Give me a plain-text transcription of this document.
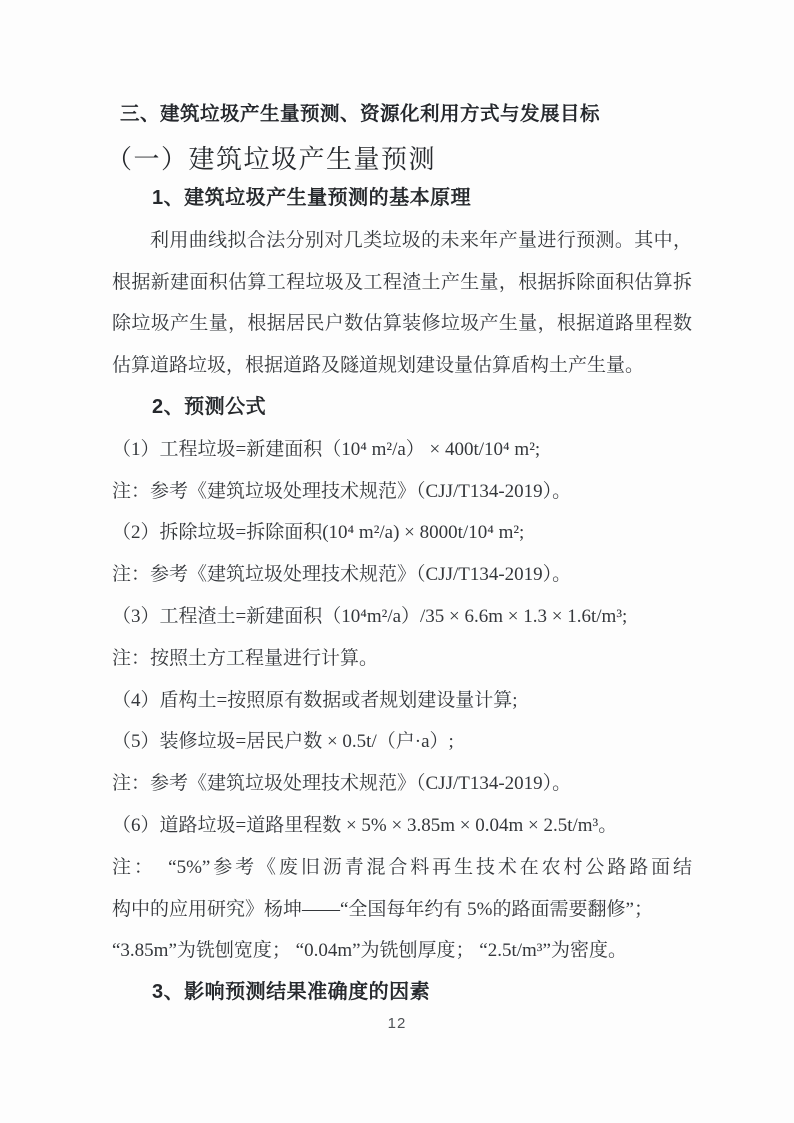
三、建筑垃圾产生量预测、资源化利用方式与发展目标
（一）建筑垃圾产生量预测
1、建筑垃圾产生量预测的基本原理
利用曲线拟合法分别对几类垃圾的未来年产量进行预测。其中，
根据新建面积估算工程垃圾及工程渣土产生量，根据拆除面积估算拆
除垃圾产生量，根据居民户数估算装修垃圾产生量，根据道路里程数
估算道路垃圾，根据道路及隧道规划建设量估算盾构土产生量。
2、预测公式
（1）工程垃圾=新建面积（10⁴ m²/a） × 400t/10⁴ m²;
注：参考《建筑垃圾处理技术规范》（CJJ/T134-2019）。
（2）拆除垃圾=拆除面积(10⁴ m²/a) × 8000t/10⁴ m²;
注：参考《建筑垃圾处理技术规范》（CJJ/T134-2019）。
（3）工程渣土=新建面积（10⁴m²/a）/35 × 6.6m × 1.3 × 1.6t/m³;
注：按照土方工程量进行计算。
（4）盾构土=按照原有数据或者规划建设量计算;
（5）装修垃圾=居民户数 × 0.5t/（户·a）;
注：参考《建筑垃圾处理技术规范》（CJJ/T134-2019）。
（6）道路垃圾=道路里程数 × 5% × 3.85m × 0.04m × 2.5t/m³。
注：　“5%”参考《废旧沥青混合料再生技术在农村公路路面结
构中的应用研究》杨坤——“全国每年约有 5%的路面需要翻修”；
“3.85m”为铣刨宽度； “0.04m”为铣刨厚度； “2.5t/m³”为密度。
3、影响预测结果准确度的因素
12
